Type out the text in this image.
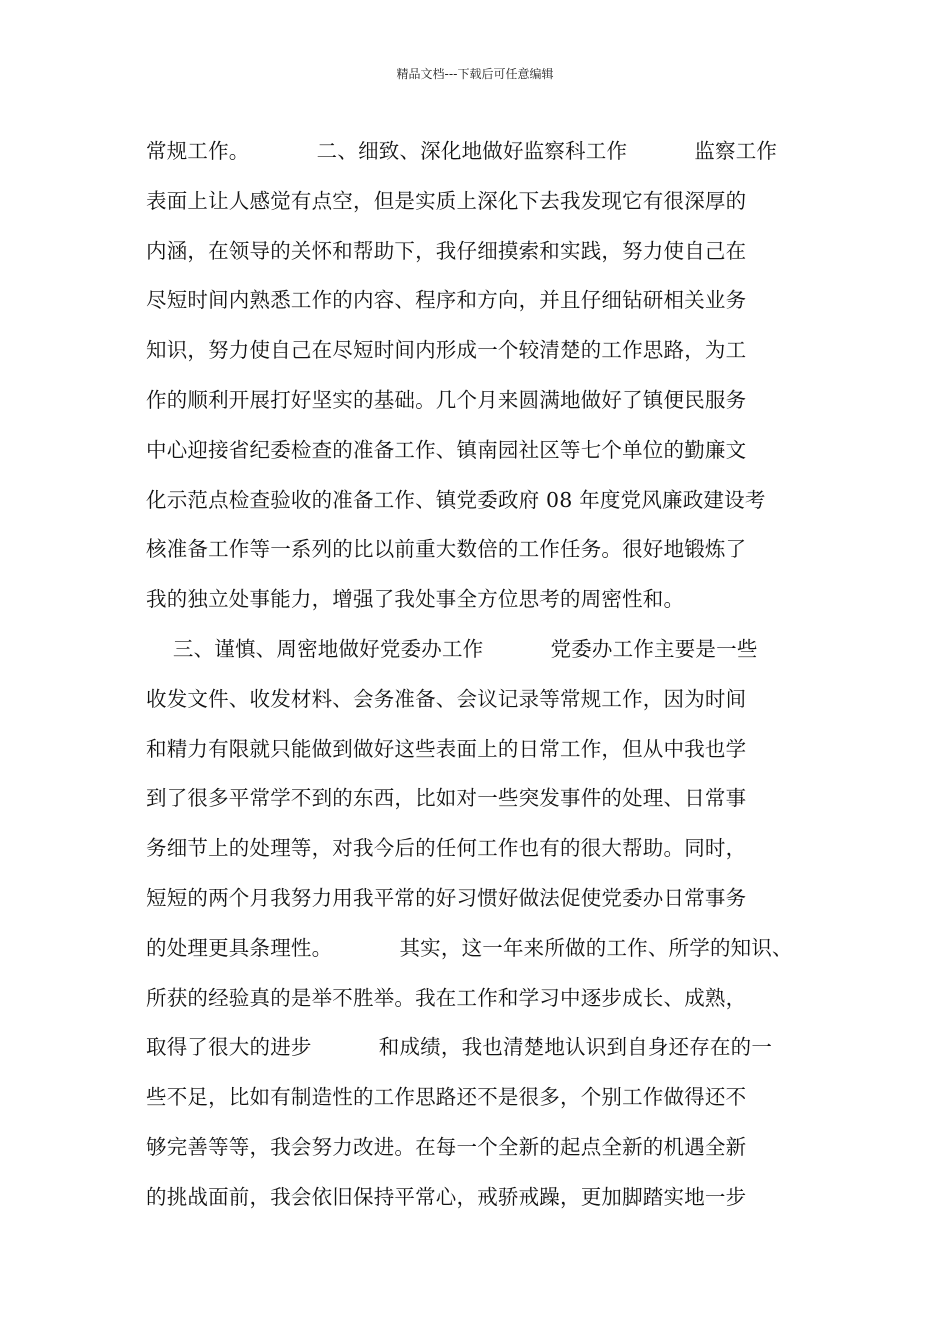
精品文档---下载后可任意编辑
常规工作。          二、细致、深化地做好监察科工作          监察工作
表面上让人感觉有点空，但是实质上深化下去我发现它有很深厚的
内涵，在领导的关怀和帮助下，我仔细摸索和实践，努力使自己在
尽短时间内熟悉工作的内容、程序和方向，并且仔细钻研相关业务
知识，努力使自己在尽短时间内形成一个较清楚的工作思路，为工
作的顺利开展打好坚实的基础。几个月来圆满地做好了镇便民服务
中心迎接省纪委检查的准备工作、镇南园社区等七个单位的勤廉文
化示范点检查验收的准备工作、镇党委政府 08 年度党风廉政建设考
核准备工作等一系列的比以前重大数倍的工作任务。很好地锻炼了
我的独立处事能力，增强了我处事全方位思考的周密性和。
三、谨慎、周密地做好党委办工作          党委办工作主要是一些
收发文件、收发材料、会务准备、会议记录等常规工作，因为时间
和精力有限就只能做到做好这些表面上的日常工作，但从中我也学
到了很多平常学不到的东西，比如对一些突发事件的处理、日常事
务细节上的处理等，对我今后的任何工作也有的很大帮助。同时，
短短的两个月我努力用我平常的好习惯好做法促使党委办日常事务
的处理更具条理性。          其实，这一年来所做的工作、所学的知识、
所获的经验真的是举不胜举。我在工作和学习中逐步成长、成熟，
取得了很大的进步          和成绩，我也清楚地认识到自身还存在的一
些不足，比如有制造性的工作思路还不是很多，个别工作做得还不
够完善等等，我会努力改进。在每一个全新的起点全新的机遇全新
的挑战面前，我会依旧保持平常心，戒骄戒躁，更加脚踏实地一步
